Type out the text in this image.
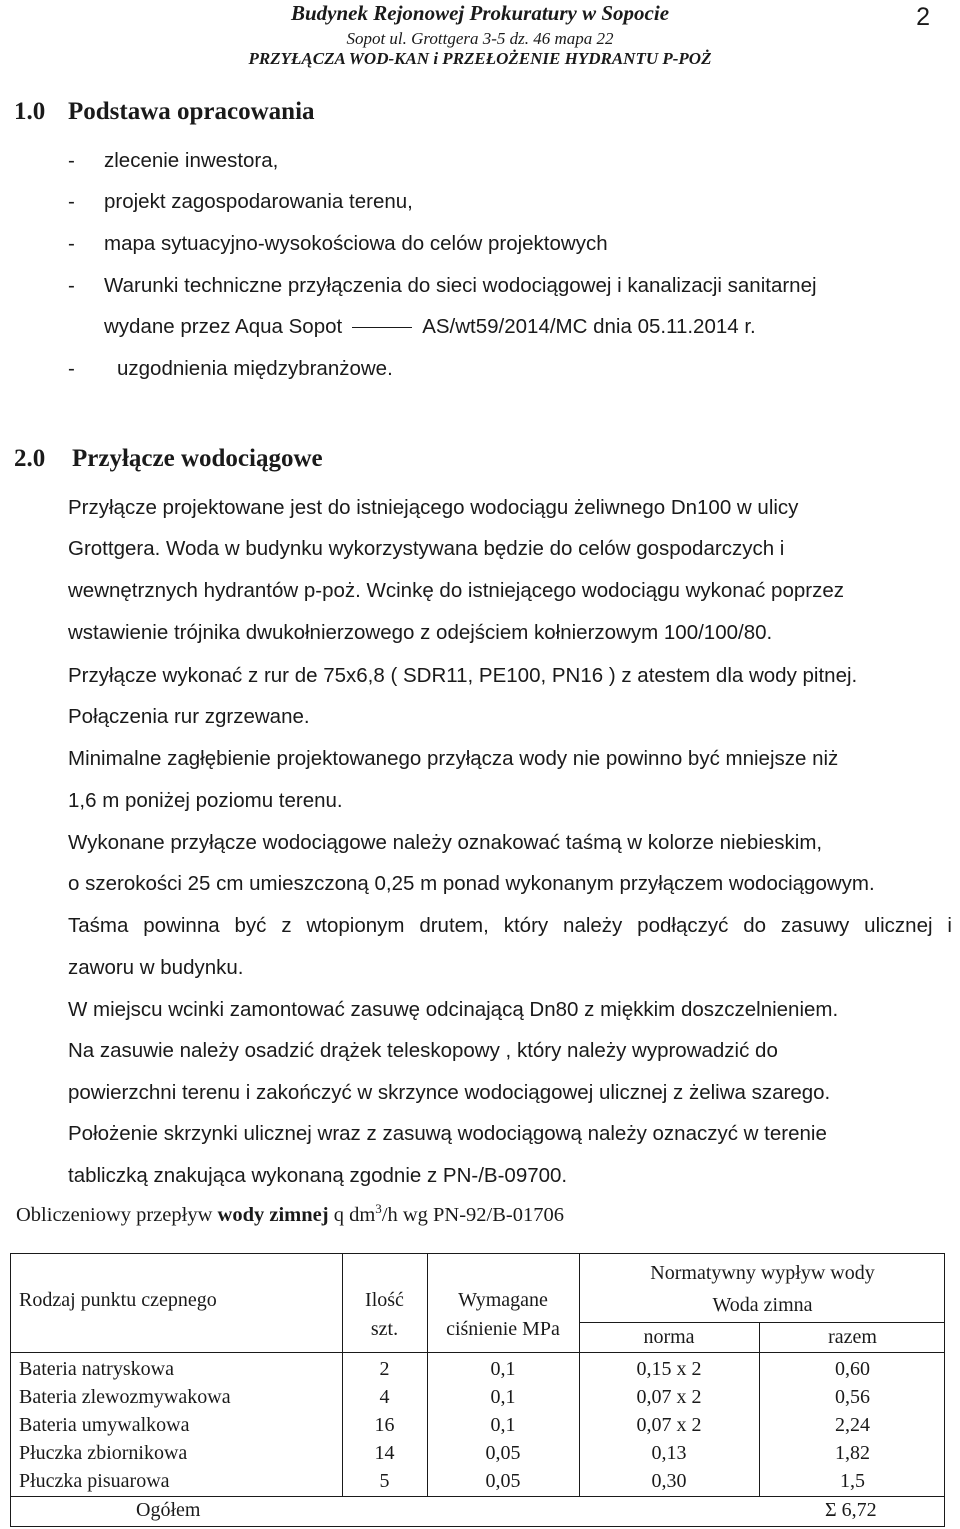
Budynek Rejonowej Prokuratury w Sopocie
Sopot ul. Grottgera 3-5 dz. 46 mapa 22
PRZYŁĄCZA WOD-KAN i PRZEŁOŻENIE HYDRANTU P-POŻ
2
1.0 Podstawa opracowania
- zlecenie inwestora,
- projekt zagospodarowania terenu,
- mapa sytuacyjno-wysokościowa do celów projektowych
- Warunki techniczne przyłączenia do sieci wodociągowej i kanalizacji sanitarnej
wydane przez Aqua Sopot	AS/wt59/2014/MC dnia 05.11.2014 r.
- uzgodnienia międzybranżowe.
2.0 Przyłącze wodociągowe
Przyłącze projektowane jest do istniejącego wodociągu żeliwnego Dn100 w ulicy
Grottgera. Woda w budynku wykorzystywana będzie do celów gospodarczych i
wewnętrznych hydrantów p-poż. Wcinkę do istniejącego wodociągu wykonać poprzez
wstawienie trójnika dwukołnierzowego z odejściem kołnierzowym 100/100/80.
Przyłącze wykonać z rur de 75x6,8 ( SDR11, PE100, PN16 ) z atestem dla wody pitnej.
Połączenia rur zgrzewane.
Minimalne zagłębienie projektowanego przyłącza wody nie powinno być mniejsze niż
1,6 m poniżej poziomu terenu.
Wykonane przyłącze wodociągowe należy oznakować taśmą w kolorze niebieskim,
o szerokości 25 cm umieszczoną 0,25 m ponad wykonanym przyłączem wodociągowym.
Taśma powinna być z wtopionym drutem, który należy podłączyć do zasuwy ulicznej i
zaworu w budynku.
W miejscu wcinki zamontować zasuwę odcinającą Dn80 z miękkim doszczelnieniem.
Na zasuwie należy osadzić drążek teleskopowy , który należy wyprowadzić do
powierzchni terenu i zakończyć w skrzynce wodociągowej ulicznej z żeliwa szarego.
Położenie skrzynki ulicznej wraz z zasuwą wodociągową należy oznaczyć w terenie
tabliczką znakująca wykonaną zgodnie z PN-/B-09700.
Obliczeniowy przepływ wody zimnej q $dm^3/h$ wg PN-92/B-01706
Rodzaj punktu czepnego	Ilość
szt.
Wymagane
ciśnienie MPa
Normatywny wypływ wody
Woda zimna
norma	razem
Bateria natryskowa	2	0,1	0,15 x 2	0,60
Bateria zlewozmywakowa	4	0,1	0,07 x 2	0,56
Bateria umywalkowa	16	0,1	0,07 x 2	2,24
Płuczka zbiornikowa	14	0,05	0,13	1,82
Płuczka pisuarowa	5	0,05	0,30	1,5
Ogółem	Σ 6,72
